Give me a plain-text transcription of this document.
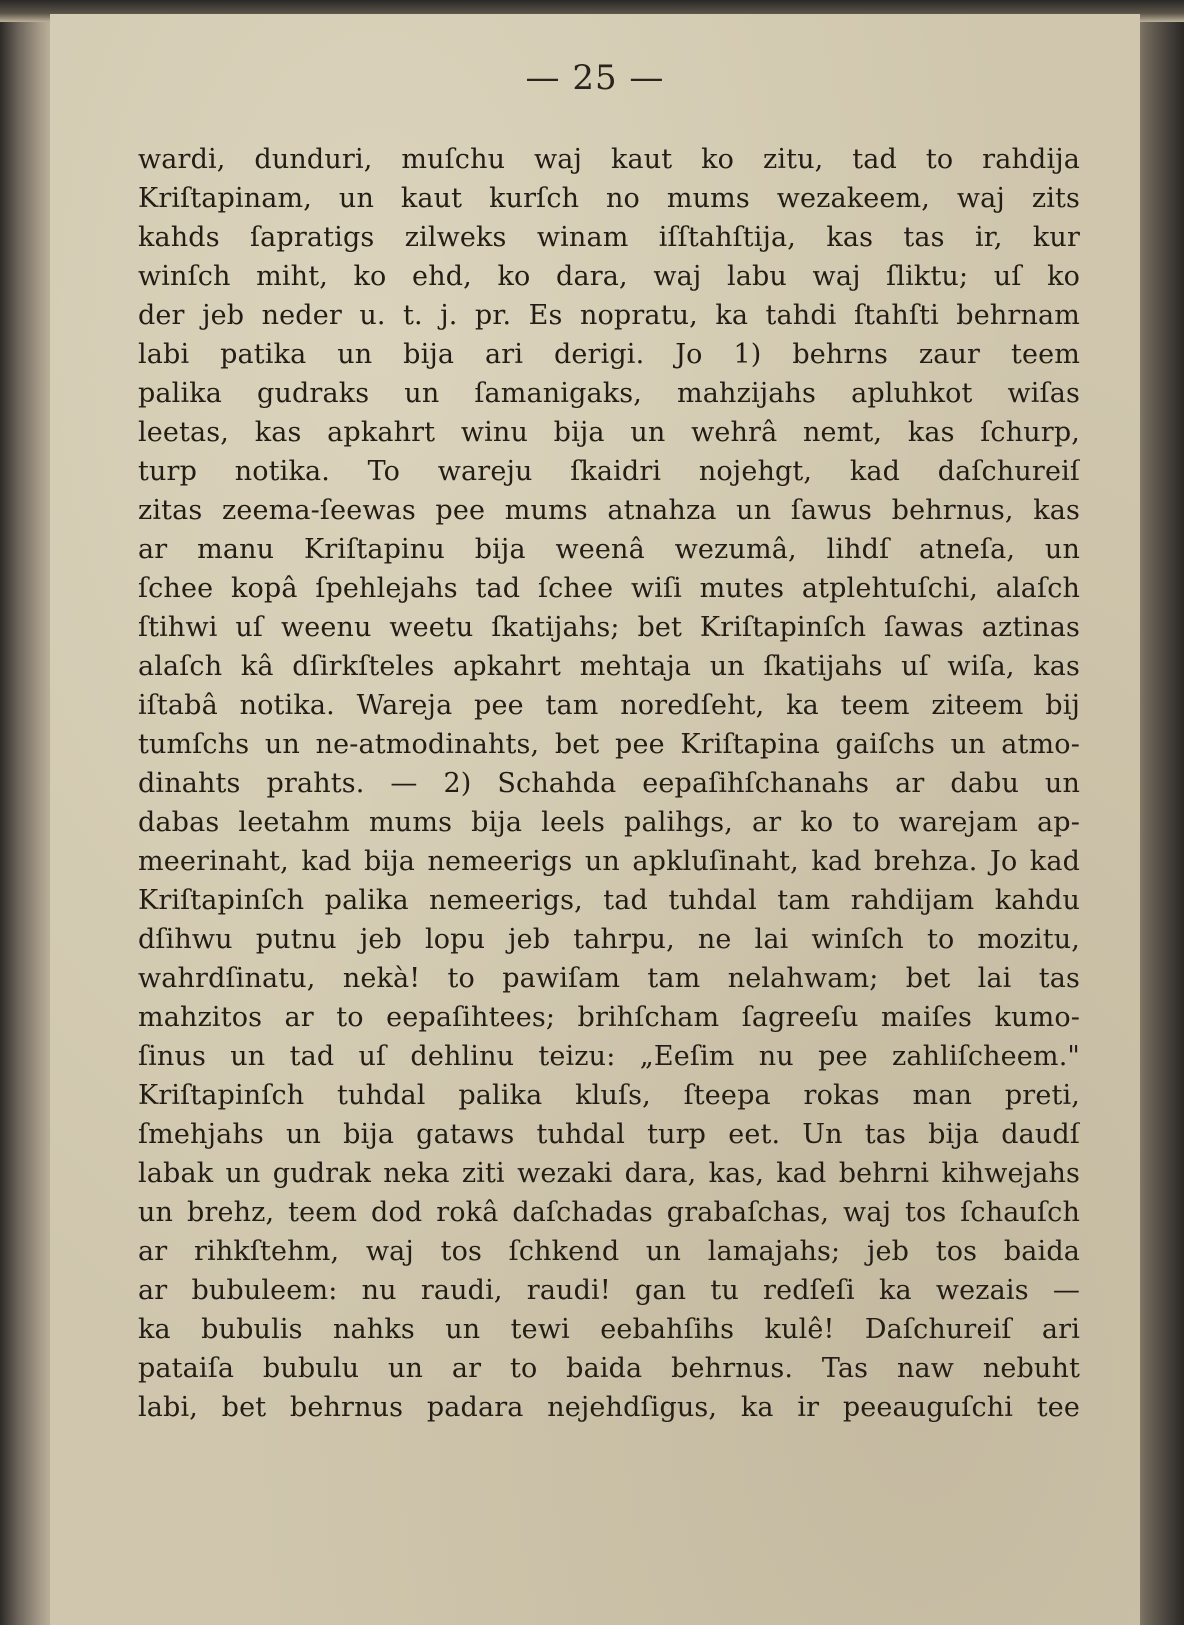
— 25 —
wardi, dunduri, muſchu waj kaut ko zitu, tad to rahdija
Kriſtapinam, un kaut kurſch no mums wezakeem, waj zits
kahds ſapratigs zilweks winam iſſtahſtija, kas tas ir, kur
winſch miht, ko ehd, ko dara, waj labu waj ſliktu; uſ ko
der jeb neder u. t. j. pr. Es nopratu, ka tahdi ſtahſti behrnam
labi patika un bija ari derigi. Jo 1) behrns zaur teem
palika gudraks un ſamanigaks, mahzijahs apluhkot wiſas
leetas, kas apkahrt winu bija un wehrâ nemt, kas ſchurp,
turp notika. To wareju ſkaidri nojehgt, kad daſchureiſ
zitas zeema-ſeewas pee mums atnahza un ſawus behrnus, kas
ar manu Kriſtapinu bija weenâ wezumâ, lihdſ atneſa, un
ſchee kopâ ſpehlejahs tad ſchee wiſi mutes atplehtuſchi, alaſch
ſtihwi uſ weenu weetu ſkatijahs; bet Kriſtapinſch ſawas aztinas
alaſch kâ dſirkſteles apkahrt mehtaja un ſkatijahs uſ wiſa, kas
iſtabâ notika. Wareja pee tam noredſeht, ka teem ziteem bij
tumſchs un ne-atmodinahts, bet pee Kriſtapina gaiſchs un atmo-
dinahts prahts. — 2) Schahda eepaſihſchanahs ar dabu un
dabas leetahm mums bija leels palihgs, ar ko to warejam ap-
meerinaht, kad bija nemeerigs un apkluſinaht, kad brehza. Jo kad
Kriſtapinſch palika nemeerigs, tad tuhdal tam rahdijam kahdu
dſihwu putnu jeb lopu jeb tahrpu, ne lai winſch to mozitu,
wahrdſinatu, nekà! to pawiſam tam nelahwam; bet lai tas
mahzitos ar to eepaſihtees; brihſcham ſagreeſu maiſes kumo-
ſinus un tad uſ dehlinu teizu: „Eeſim nu pee zahliſcheem."
Kriſtapinſch tuhdal palika kluſs, ſteepa rokas man preti,
ſmehjahs un bija gataws tuhdal turp eet. Un tas bija daudſ
labak un gudrak neka ziti wezaki dara, kas, kad behrni kihwejahs
un brehz, teem dod rokâ daſchadas grabaſchas, waj tos ſchauſch
ar rihkſtehm, waj tos ſchkend un lamajahs; jeb tos baida
ar bubuleem: nu raudi, raudi! gan tu redſeſi ka wezais —
ka bubulis nahks un tewi eebahſihs kulê! Daſchureiſ ari
pataiſa bubulu un ar to baida behrnus. Tas naw nebuht
labi, bet behrnus padara nejehdſigus, ka ir peeauguſchi tee
